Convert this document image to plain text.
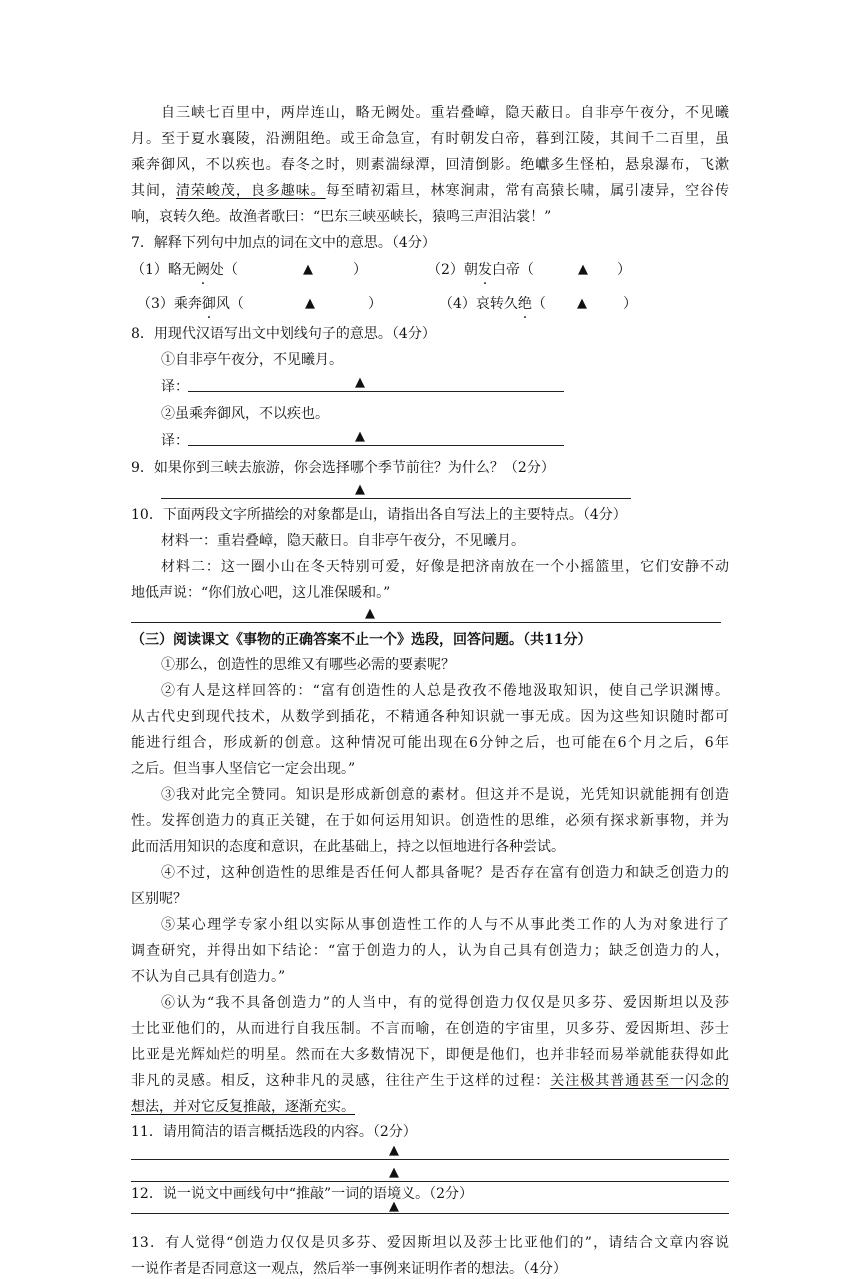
自三峡七百里中，两岸连山，略无阙处。重岩叠嶂，隐天蔽日。自非亭午夜分，不见曦
月。至于夏水襄陵，沿溯阻绝。或王命急宣，有时朝发白帝，暮到江陵，其间千二百里，虽
乘奔御风，不以疾也。春冬之时，则素湍绿潭，回清倒影。绝巘多生怪柏，悬泉瀑布，飞漱
其间，清荣峻茂，良多趣味。每至晴初霜旦，林寒涧肃，常有高猿长啸，属引凄异，空谷传
响，哀转久绝。故渔者歌曰：“巴东三峡巫峡长，猿鸣三声泪沾裳！”
7．解释下列句中加点的词在文中的意思。（4分）
（1）略无阙处（	▲	）	（2）朝发白帝（	▲ ）
（3）乘奔御风（	▲	）	（4）哀转久绝（ ▲	）
8．用现代汉语写出文中划线句子的意思。（4分）
①自非亭午夜分，不见曦月。
译：	▲
②虽乘奔御风，不以疾也。
译：	▲
9．如果你到三峡去旅游，你会选择哪个季节前往？为什么？（2分）
▲
10．下面两段文字所描绘的对象都是山，请指出各自写法上的主要特点。（4分）
材料一：重岩叠嶂，隐天蔽日。自非亭午夜分，不见曦月。
材料二：这一圈小山在冬天特别可爱，好像是把济南放在一个小摇篮里，它们安静不动
地低声说：“你们放心吧，这儿准保暖和。”
▲
（三）阅读课文《事物的正确答案不止一个》选段，回答问题。（共11分）
①那么，创造性的思维又有哪些必需的要素呢？
②有人是这样回答的：“富有创造性的人总是孜孜不倦地汲取知识，使自己学识渊博。
从古代史到现代技术，从数学到插花，不精通各种知识就一事无成。因为这些知识随时都可
能进行组合，形成新的创意。这种情况可能出现在6分钟之后，也可能在6个月之后，6年
之后。但当事人坚信它一定会出现。”
③我对此完全赞同。知识是形成新创意的素材。但这并不是说，光凭知识就能拥有创造
性。发挥创造力的真正关键，在于如何运用知识。创造性的思维，必须有探求新事物，并为
此而活用知识的态度和意识，在此基础上，持之以恒地进行各种尝试。
④不过，这种创造性的思维是否任何人都具备呢？是否存在富有创造力和缺乏创造力的
区别呢？
⑤某心理学专家小组以实际从事创造性工作的人与不从事此类工作的人为对象进行了
调查研究，并得出如下结论：“富于创造力的人，认为自己具有创造力；缺乏创造力的人，
不认为自己具有创造力。”
⑥认为“我不具备创造力”的人当中，有的觉得创造力仅仅是贝多芬、爱因斯坦以及莎
士比亚他们的，从而进行自我压制。不言而喻，在创造的宇宙里，贝多芬、爱因斯坦、莎士
比亚是光辉灿烂的明星。然而在大多数情况下，即便是他们，也并非轻而易举就能获得如此
非凡的灵感。相反，这种非凡的灵感，往往产生于这样的过程：关注极其普通甚至一闪念的
想法，并对它反复推敲，逐渐充实。
11．请用简洁的语言概括选段的内容。（2分）
▲
▲
12．说一说文中画线句中“推敲”一词的语境义。（2分）
▲
13．有人觉得“创造力仅仅是贝多芬、爱因斯坦以及莎士比亚他们的”，请结合文章内容说
一说作者是否同意这一观点，然后举一事例来证明作者的想法。（4分）
